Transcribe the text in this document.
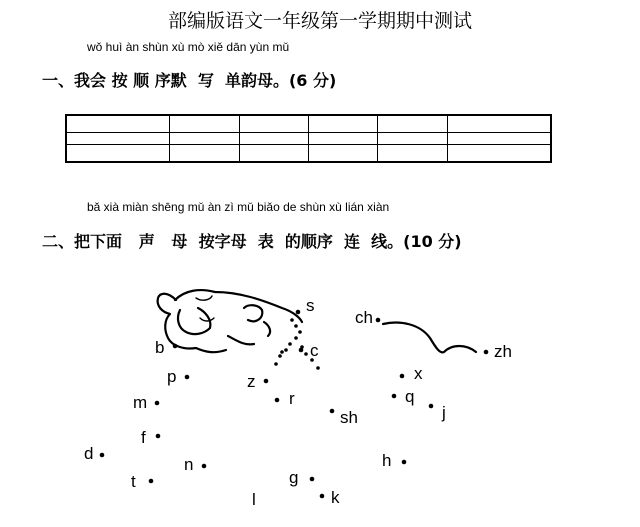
部编版语文一年级第一学期期中测试
wǒ huì àn shùn xù mò xiě dān yùn mǔ
一、我会 按 顺 序默  写  单韵母。(6 分)

bǎ xià miàn shēng mǔ àn zì mǔ biǎo de shùn xù lián xiàn
二、把下面   声   母  按字母  表  的顺序  连  线。(10 分)
s
ch
b	c	zh
x
p	z
r	q
m
sh	j
f
d	h
n
g
t
k
l
